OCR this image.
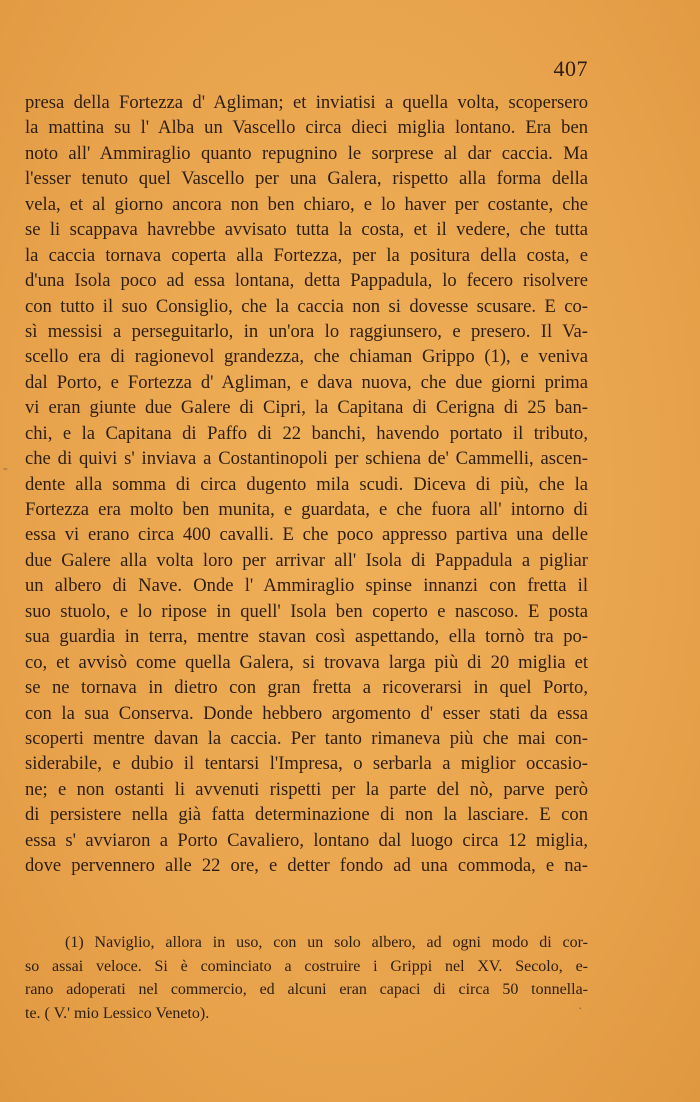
407
-
presa della Fortezza d' Agliman; et inviatisi a quella volta, scopersero
la mattina su l' Alba un Vascello circa dieci miglia lontano. Era ben
noto all' Ammiraglio quanto repugnino le sorprese al dar caccia. Ma
l'esser tenuto quel Vascello per una Galera, rispetto alla forma della
vela, et al giorno ancora non ben chiaro, e lo haver per costante, che
se li scappava havrebbe avvisato tutta la costa, et il vedere, che tutta
la caccia tornava coperta alla Fortezza, per la positura della costa, e
d'una Isola poco ad essa lontana, detta Pappadula, lo fecero risolvere
con tutto il suo Consiglio, che la caccia non si dovesse scusare. E co-
sì messisi a perseguitarlo, in un'ora lo raggiunsero, e presero. Il Va-
scello era di ragionevol grandezza, che chiaman Grippo (1), e veniva
dal Porto, e Fortezza d' Agliman, e dava nuova, che due giorni prima
vi eran giunte due Galere di Cipri, la Capitana di Cerigna di 25 ban-
chi, e la Capitana di Paffo di 22 banchi, havendo portato il tributo,
che di quivi s' inviava a Costantinopoli per schiena de' Cammelli, ascen-
dente alla somma di circa dugento mila scudi. Diceva di più, che la
Fortezza era molto ben munita, e guardata, e che fuora all' intorno di
essa vi erano circa 400 cavalli. E che poco appresso partiva una delle
due Galere alla volta loro per arrivar all' Isola di Pappadula a pigliar
un albero di Nave. Onde l' Ammiraglio spinse innanzi con fretta il
suo stuolo, e lo ripose in quell' Isola ben coperto e nascoso. E posta
sua guardia in terra, mentre stavan così aspettando, ella tornò tra po-
co, et avvisò come quella Galera, si trovava larga più di 20 miglia et
se ne tornava in dietro con gran fretta a ricoverarsi in quel Porto,
con la sua Conserva. Donde hebbero argomento d' esser stati da essa
scoperti mentre davan la caccia. Per tanto rimaneva più che mai con-
siderabile, e dubio il tentarsi l'Impresa, o serbarla a miglior occasio-
ne; e non ostanti li avvenuti rispetti per la parte del nò, parve però
di persistere nella già fatta determinazione di non la lasciare. E con
essa s' avviaron a Porto Cavaliero, lontano dal luogo circa 12 miglia,
dove pervennero alle 22 ore, e detter fondo ad una commoda, e na-
(1) Naviglio, allora in uso, con un solo albero, ad ogni modo di cor-
so assai veloce. Si è cominciato a costruire i Grippi nel XV. Secolo, e-
rano adoperati nel commercio, ed alcuni eran capaci di circa 50 tonnella-
te. ( V.' mio Lessico Veneto).	·
